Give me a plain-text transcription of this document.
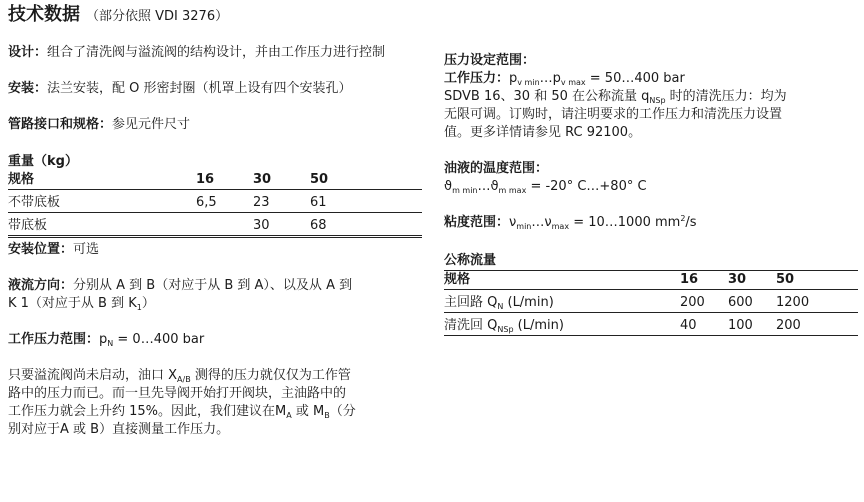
技术数据 （部分依照 VDI 3276）

设计：组合了清洗阀与溢流阀的结构设计，并由工作压力进行控制

安装：法兰安装，配 O 形密封圈（机罩上设有四个安装孔）

管路接口和规格：参见元件尺寸

重量（kg）
规格	16	30	50
不带底板	6,5	23	61
带底板		30	68

安装位置：可选

液流方向：分别从 A 到 B（对应于从 B 到 A）、以及从 A 到
K 1（对应于从 B 到 $K_1$）

工作压力范围：$p_N$ = 0…400 bar

只要溢流阀尚未启动，油口 $X_{A/B}$ 测得的压力就仅仅为工作管
路中的压力而已。而一旦先导阀开始打开阀块，主油路中的
工作压力就会上升约 15%。因此，我们建议在$M_A$ 或 $M_B$（分
别对应于A 或 B）直接测量工作压力。

压力设定范围：

工作压力：$p_{v min}\dots p_{v max}$ = 50…400 bar

SDVB 16、30 和 50 在公称流量 $q_{NSp}$ 时的清洗压力：均为
无限可调。订购时，请注明要求的工作压力和清洗压力设置
值。更多详情请参见 RC 92100。

油液的温度范围：

$ϑ_{m min}\dots ϑ_{m max} = -20^\circ$ C…+80° C

粘度范围：$\nu_{min}\dots\nu_{max}$ = 10…1000 $mm^2/s$

公称流量
规格	16	30	50
主回路 $Q_N$ (L/min)	200	600	1200
清洗回 $Q_{NSp}$ (L/min)	40	100	200
